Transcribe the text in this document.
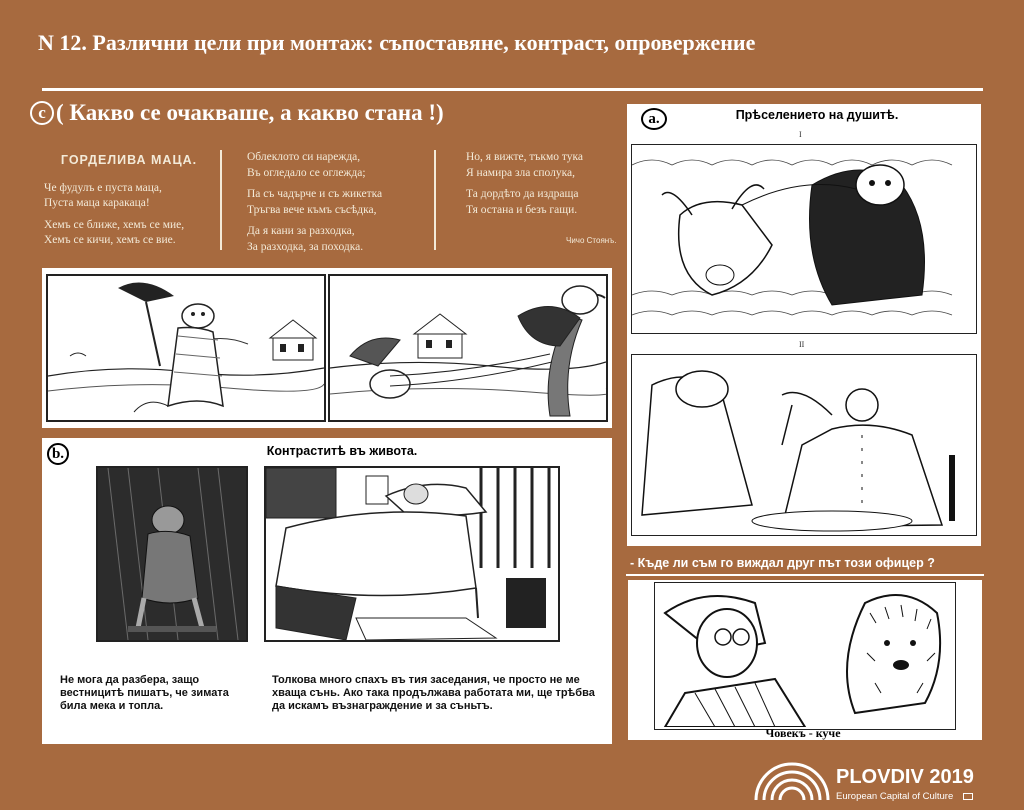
N 12. Различни цели при монтаж: съпоставяне, контраст, опровержение
c ( Какво се очакваше, а какво стана !)
ГОРДЕЛИВА МАЦА.
Че фудулъ е пуста маца,
Пуста маца каракаца!
Хемъ се ближе, хемъ се мие,
Хемъ се кичи, хемъ се вие.
Облеклото си нарежда,
Въ огледало се оглежда;
Па съ чадърче и съ жикетка
Тръгва вече къмъ съсѣдка,
Да я кани за разходка,
За разходка, за походка.
Но, я вижте, тъкмо тука
Я намира зла сполука,
Та дордѣто да издраща
Тя остана и безъ гащи.
Чичо Стоянъ.
b.	Контраститѣ въ живота.
Не мога да разбера, защо вестницитѣ пишатъ, че зимата била мека и топла.
Толкова много спахъ въ тия заседания, че просто не ме хваща сънь. Ако така продължава работата ми, ще трѣбва да искамъ възнаграждение и за съньтъ.
a.	Прѣселението на душитѣ.
I
II
- Къде ли съм го виждал друг път този офицер ?
Човекъ - куче
PLOVDIV 2019
European Capital of Culture
